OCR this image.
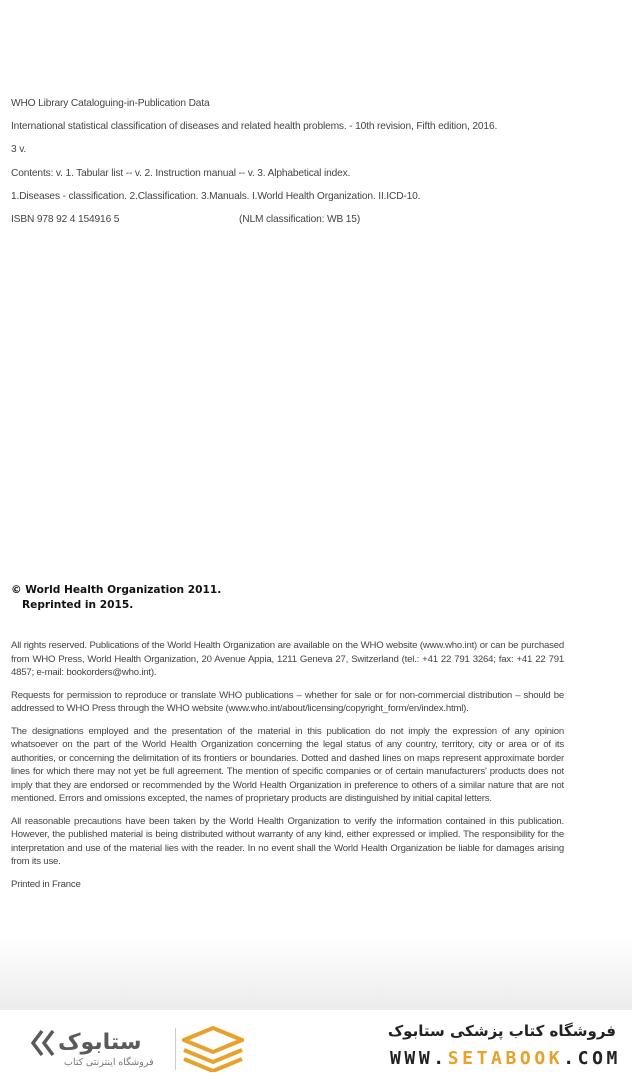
WHO Library Cataloguing-in-Publication Data

International statistical classification of diseases and related health problems. - 10th revision, Fifth edition, 2016.

3 v.

Contents: v. 1. Tabular list -- v. 2. Instruction manual -- v. 3. Alphabetical index.

1.Diseases - classification. 2.Classification. 3.Manuals. I.World Health Organization. II.ICD-10.

ISBN 978 92 4 154916 5	(NLM classification: WB 15)

© World Health Organization 2011.
Reprinted in 2015.

All rights reserved. Publications of the World Health Organization are available on the WHO website (www.who.int) or can be purchased from WHO Press, World Health Organization, 20 Avenue Appia, 1211 Geneva 27, Switzerland (tel.: +41 22 791 3264; fax: +41 22 791 4857; e-mail: bookorders@who.int).

Requests for permission to reproduce or translate WHO publications – whether for sale or for non-commercial distribution – should be addressed to WHO Press through the WHO website (www.who.int/about/licensing/copyright_form/en/index.html).

The designations employed and the presentation of the material in this publication do not imply the expression of any opinion whatsoever on the part of the World Health Organization concerning the legal status of any country, territory, city or area or of its authorities, or concerning the delimitation of its frontiers or boundaries. Dotted and dashed lines on maps represent approximate border lines for which there may not yet be full agreement. The mention of specific companies or of certain manufacturers' products does not imply that they are endorsed or recommended by the World Health Organization in preference to others of a similar nature that are not mentioned. Errors and omissions excepted, the names of proprietary products are distinguished by initial capital letters.

All reasonable precautions have been taken by the World Health Organization to verify the information contained in this publication. However, the published material is being distributed without warranty of any kind, either expressed or implied. The responsibility for the interpretation and use of the material lies with the reader. In no event shall the World Health Organization be liable for damages arising from its use.

Printed in France

ستابوک
فروشگاه اینترنتی کتاب
فروشگاه کتاب پزشکی ستابوک
WWW.SETABOOK.COM
